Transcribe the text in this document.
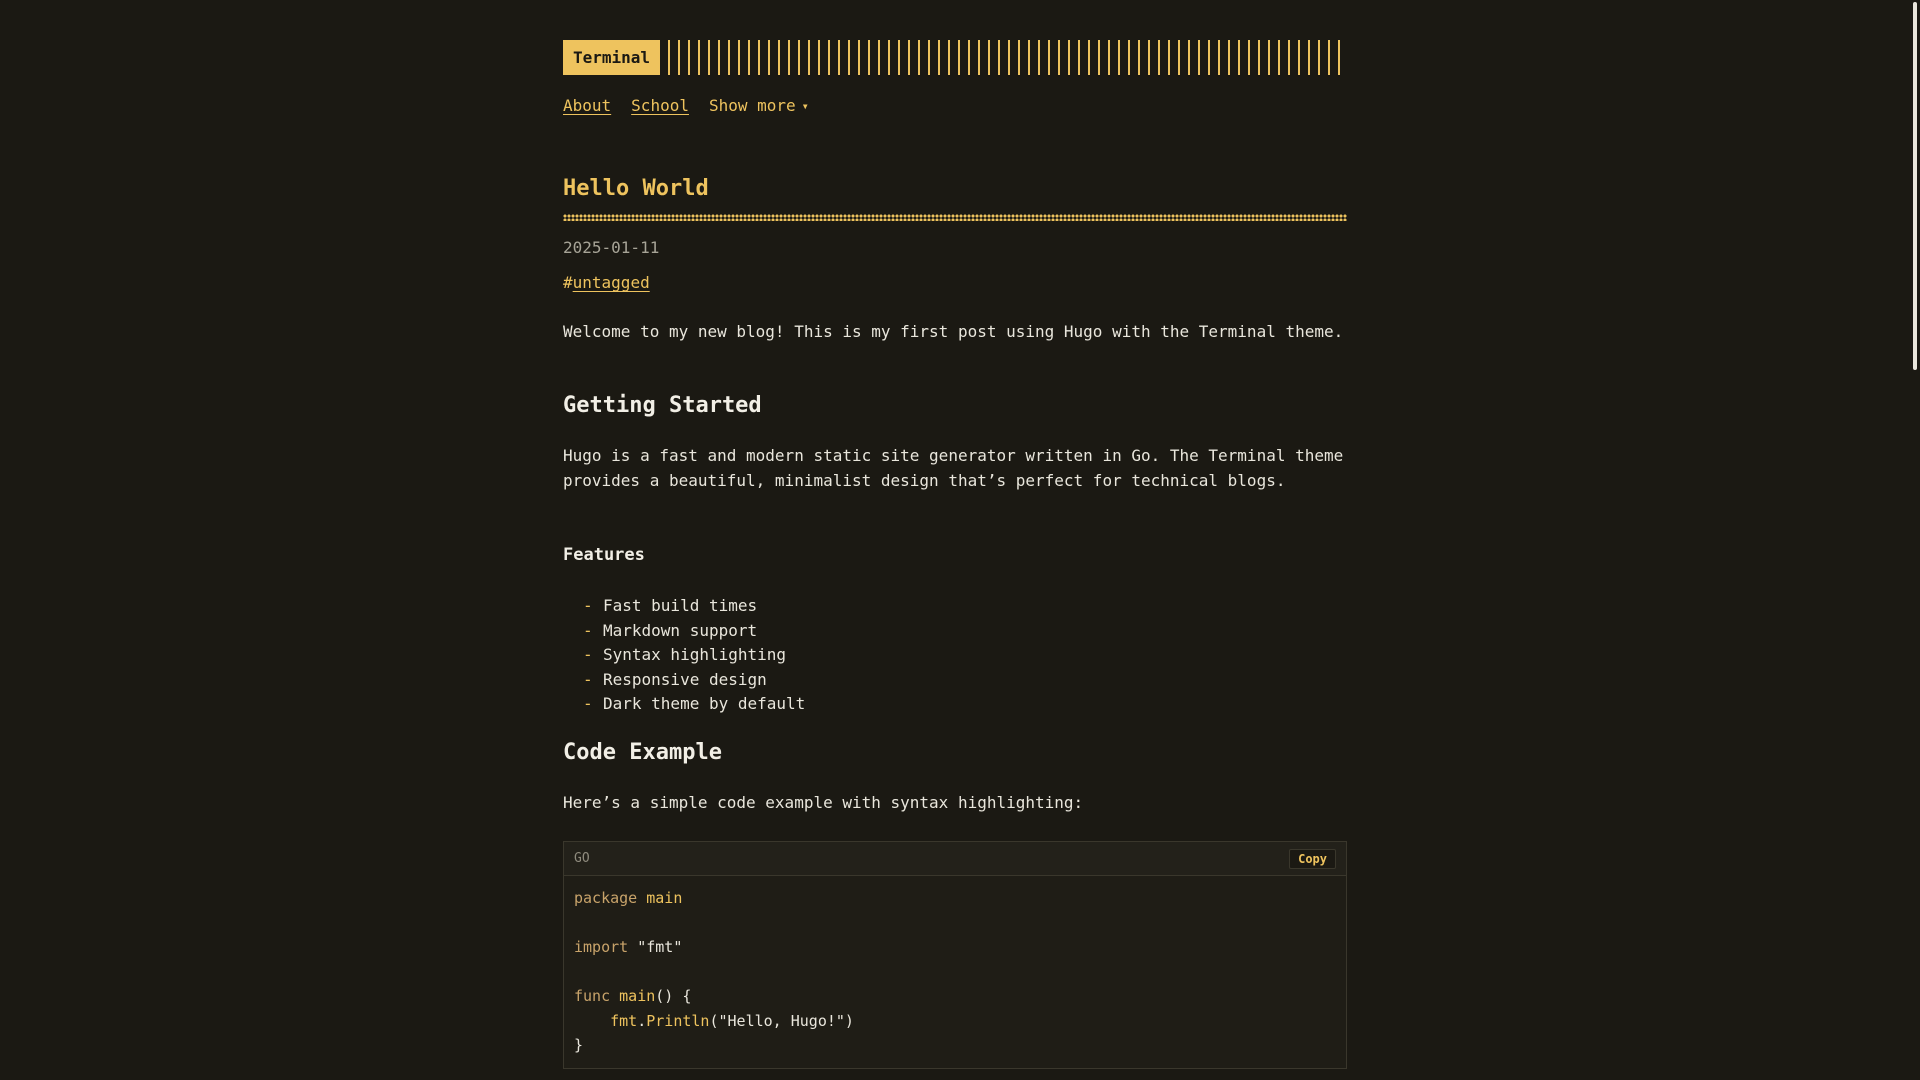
Terminal
About School Show more ▾
Hello World
2025-01-11
#untagged

Welcome to my new blog! This is my first post using Hugo with the Terminal theme.

Getting Started

Hugo is a fast and modern static site generator written in Go. The Terminal theme provides a beautiful, minimalist design that’s perfect for technical blogs.

Features
- Fast build times
- Markdown support
- Syntax highlighting
- Responsive design
- Dark theme by default
Code Example

Here’s a simple code example with syntax highlighting:

GO	Copy
package main

import "fmt"

func main() {
fmt.Println("Hello, Hugo!")
}
